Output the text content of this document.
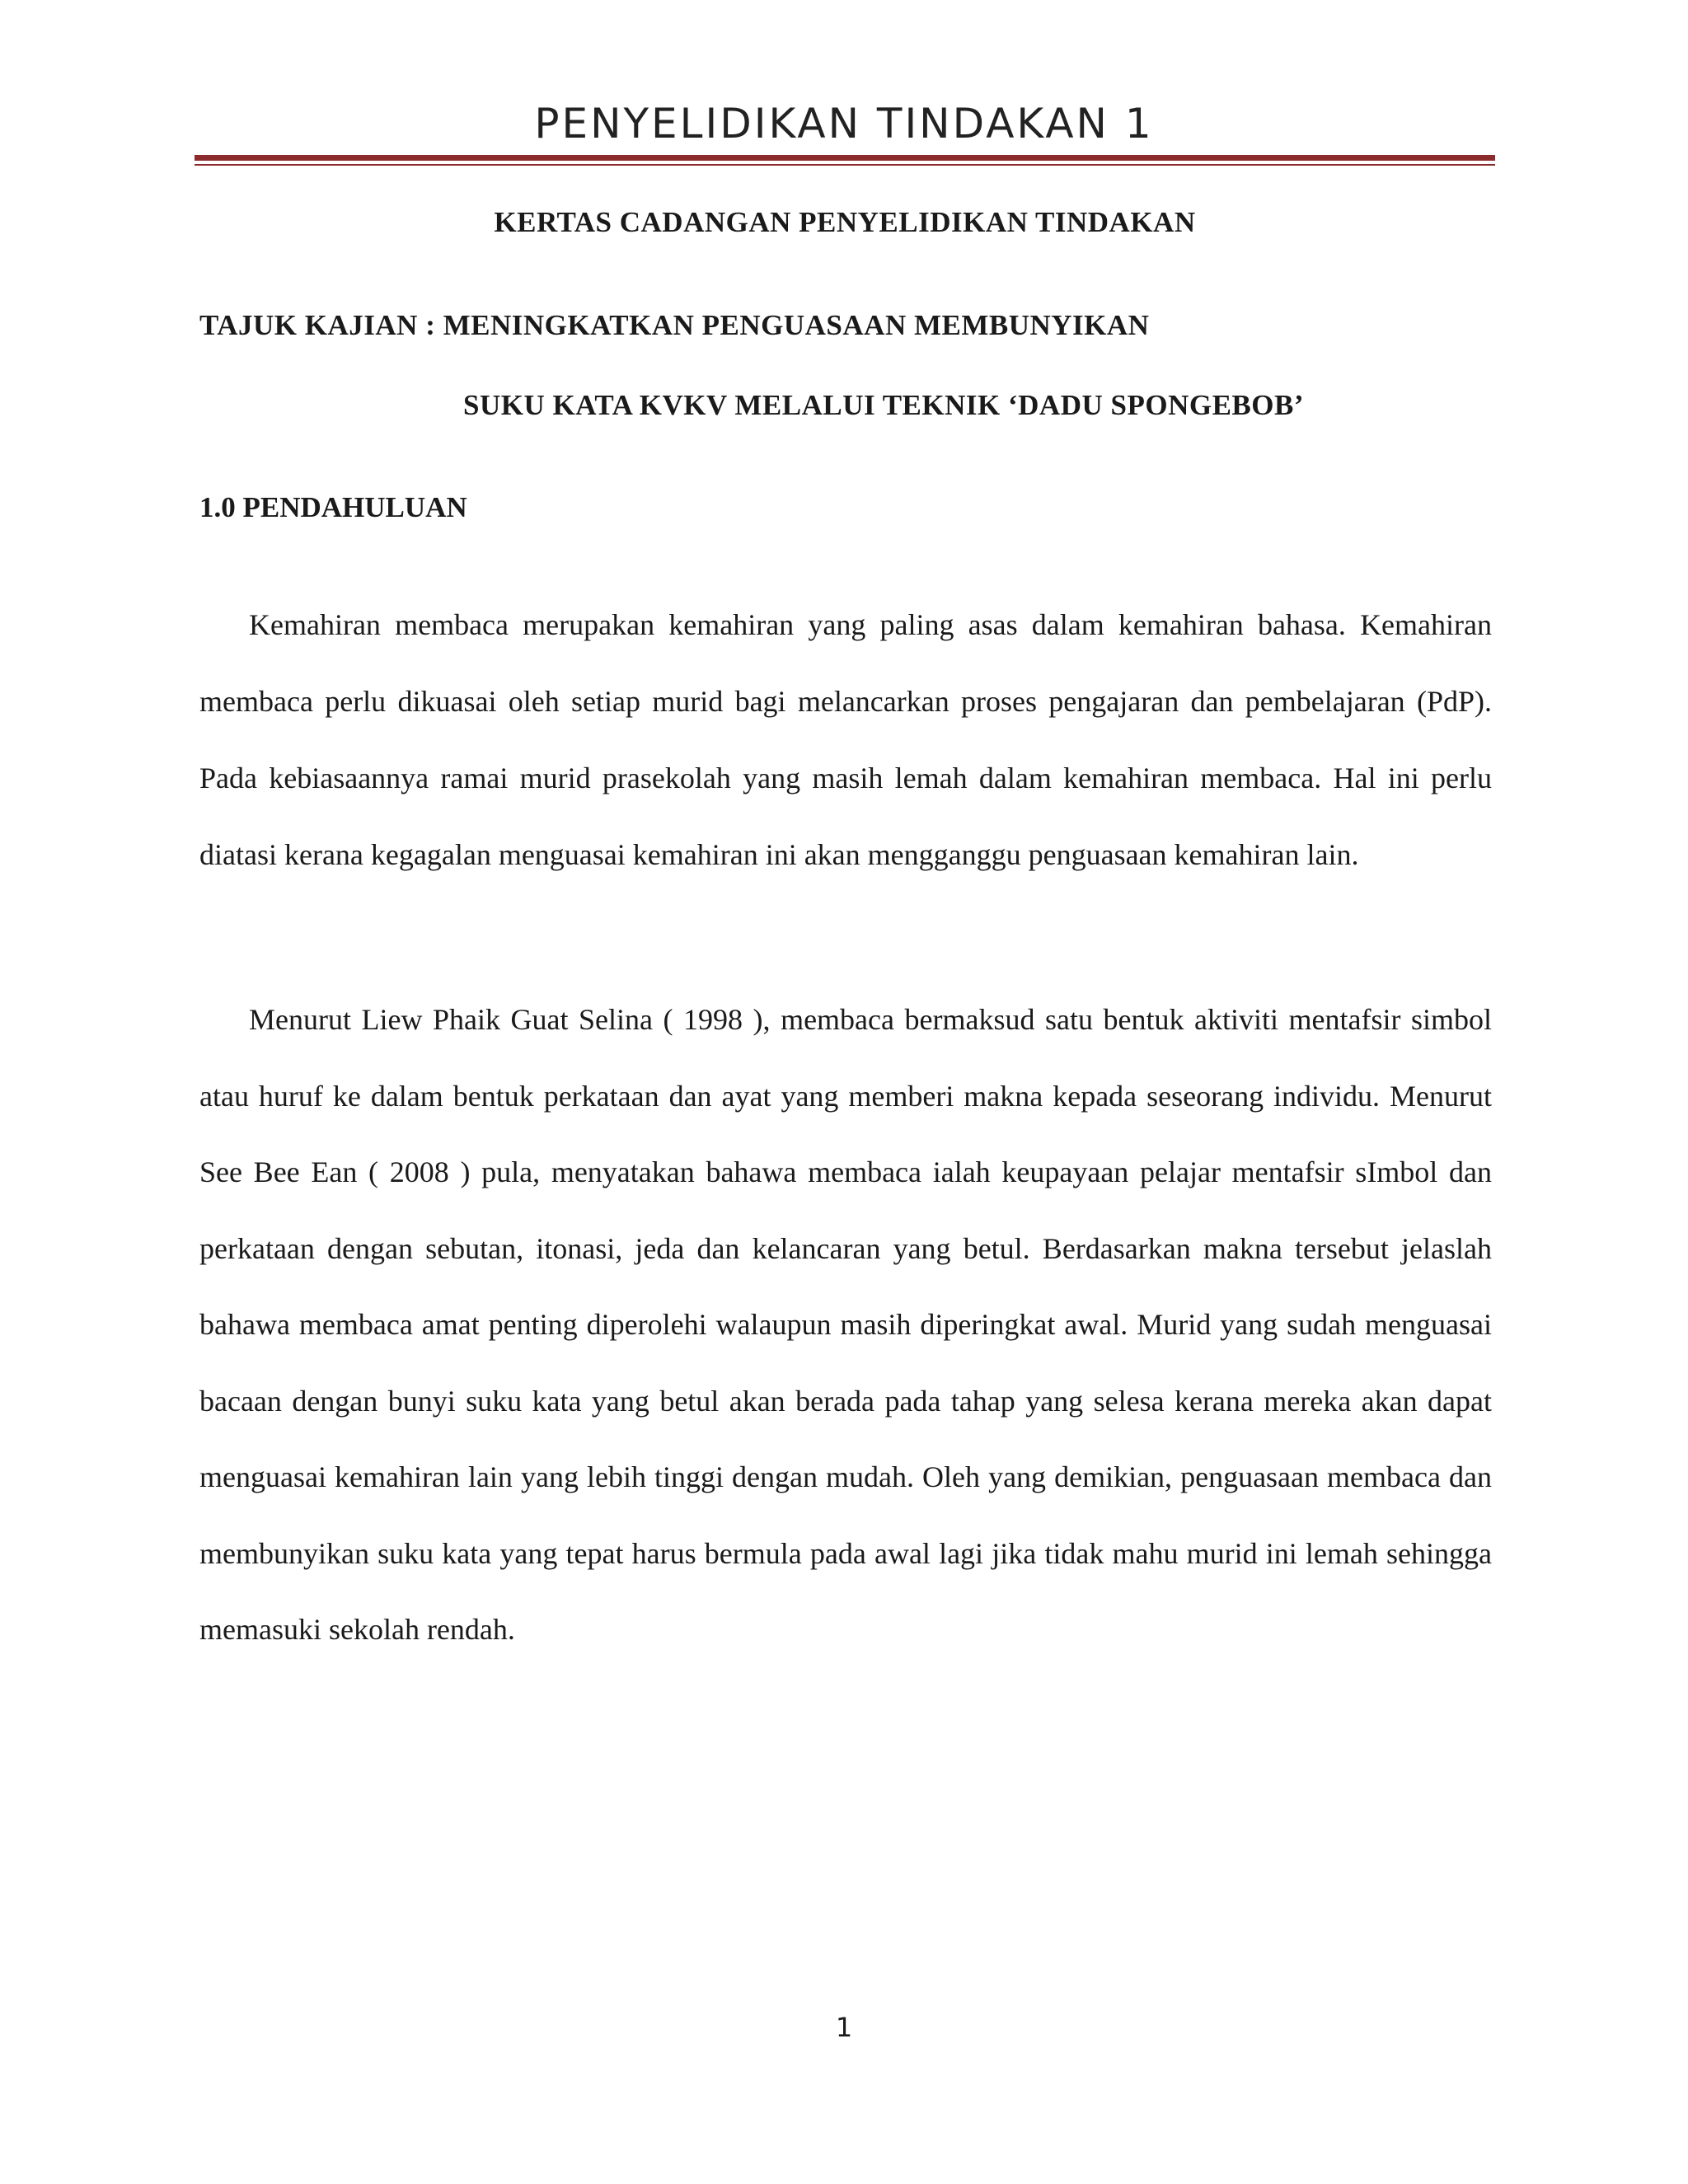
PENYELIDIKAN TINDAKAN 1
KERTAS CADANGAN PENYELIDIKAN TINDAKAN
TAJUK KAJIAN : MENINGKATKAN PENGUASAAN MEMBUNYIKAN
SUKU KATA KVKV MELALUI TEKNIK ‘DADU SPONGEBOB’
1.0 PENDAHULUAN

Kemahiran membaca merupakan kemahiran yang paling asas dalam kemahiran bahasa. Kemahiran membaca perlu dikuasai oleh setiap murid bagi melancarkan proses pengajaran dan pembelajaran (PdP). Pada kebiasaannya ramai murid prasekolah yang masih lemah dalam kemahiran membaca. Hal ini perlu diatasi kerana kegagalan menguasai kemahiran ini akan mengganggu penguasaan kemahiran lain.

Menurut Liew Phaik Guat Selina ( 1998 ), membaca bermaksud satu bentuk aktiviti mentafsir simbol atau huruf ke dalam bentuk perkataan dan ayat yang memberi makna kepada seseorang individu. Menurut See Bee Ean ( 2008 ) pula, menyatakan bahawa membaca ialah keupayaan pelajar mentafsir sImbol dan perkataan dengan sebutan, itonasi, jeda dan kelancaran yang betul. Berdasarkan makna tersebut jelaslah bahawa membaca amat penting diperolehi walaupun masih diperingkat awal. Murid yang sudah menguasai bacaan dengan bunyi suku kata yang betul akan berada pada tahap yang selesa kerana mereka akan dapat menguasai kemahiran lain yang lebih tinggi dengan mudah. Oleh yang demikian, penguasaan membaca dan membunyikan suku kata yang tepat harus bermula pada awal lagi jika tidak mahu murid ini lemah sehingga memasuki sekolah rendah.

1
